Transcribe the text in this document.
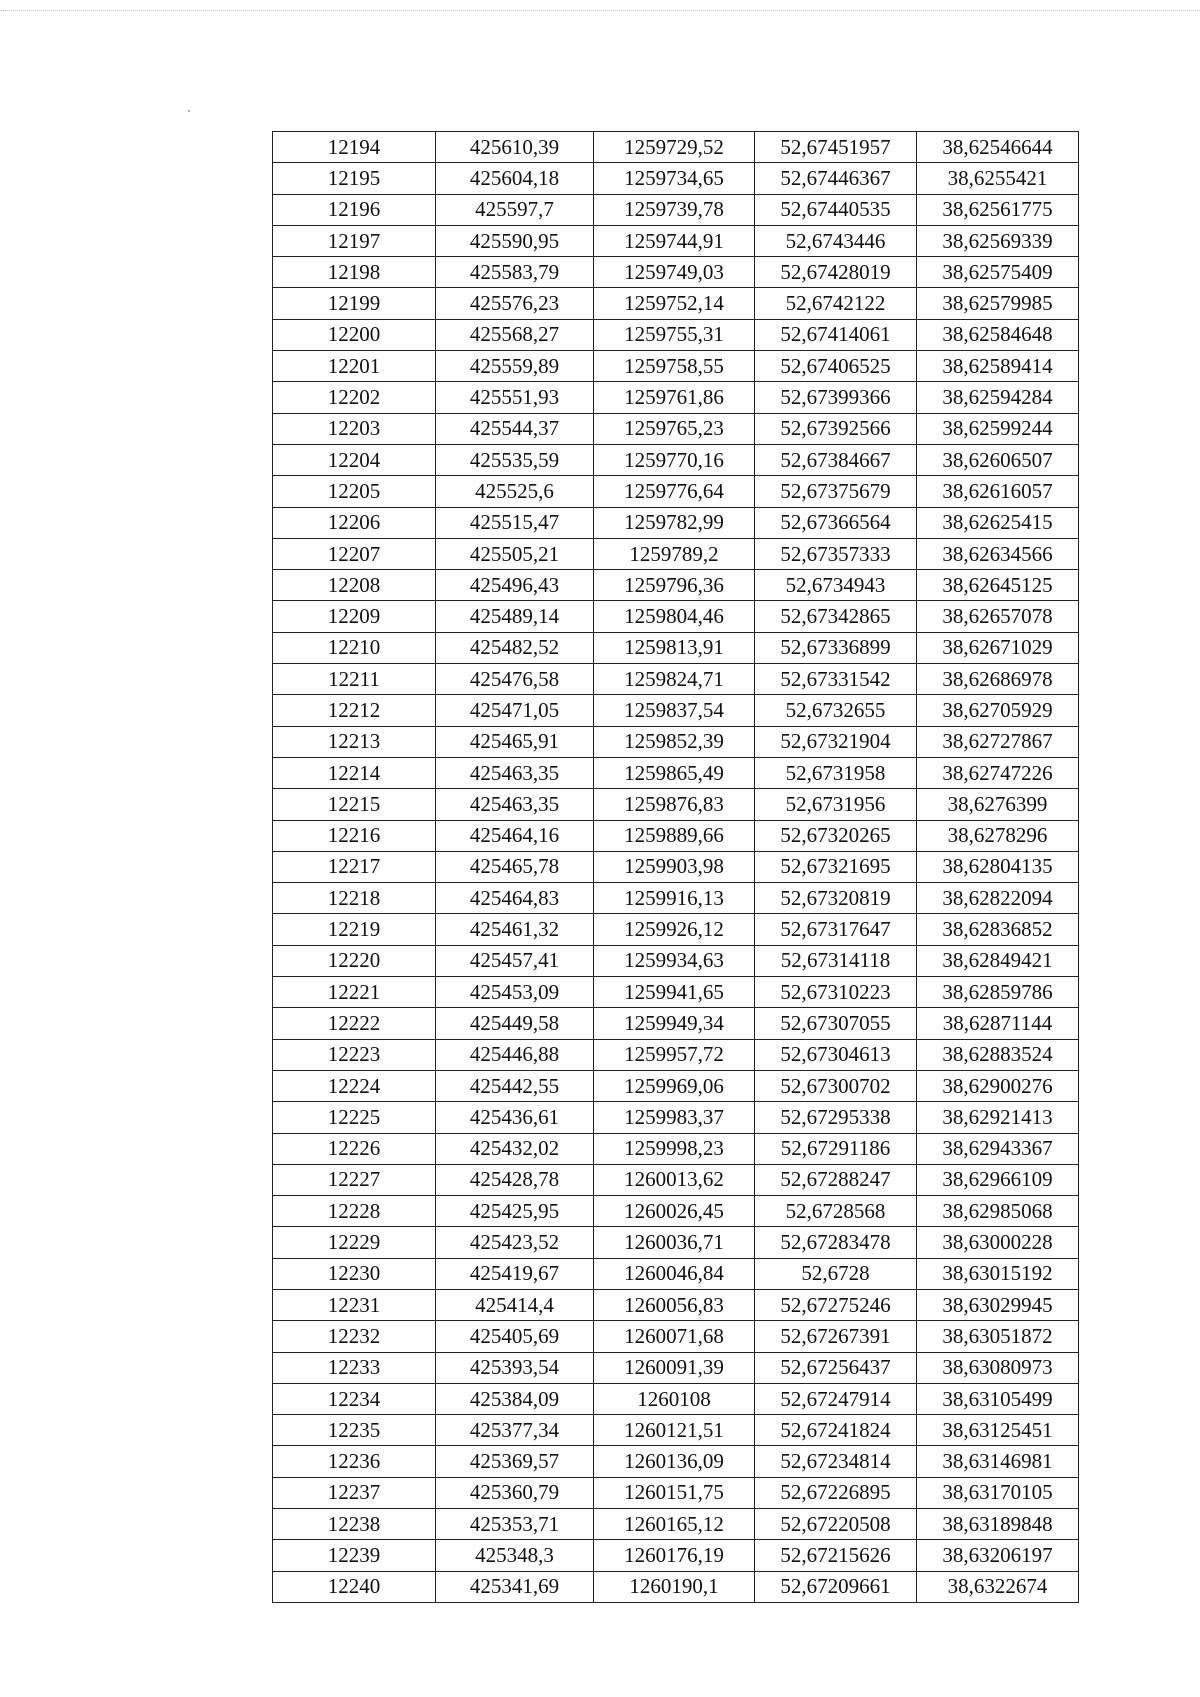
12194	425610,39	1259729,52	52,67451957	38,62546644
12195	425604,18	1259734,65	52,67446367	38,6255421
12196	425597,7	1259739,78	52,67440535	38,62561775
12197	425590,95	1259744,91	52,6743446	38,62569339
12198	425583,79	1259749,03	52,67428019	38,62575409
12199	425576,23	1259752,14	52,6742122	38,62579985
12200	425568,27	1259755,31	52,67414061	38,62584648
12201	425559,89	1259758,55	52,67406525	38,62589414
12202	425551,93	1259761,86	52,67399366	38,62594284
12203	425544,37	1259765,23	52,67392566	38,62599244
12204	425535,59	1259770,16	52,67384667	38,62606507
12205	425525,6	1259776,64	52,67375679	38,62616057
12206	425515,47	1259782,99	52,67366564	38,62625415
12207	425505,21	1259789,2	52,67357333	38,62634566
12208	425496,43	1259796,36	52,6734943	38,62645125
12209	425489,14	1259804,46	52,67342865	38,62657078
12210	425482,52	1259813,91	52,67336899	38,62671029
12211	425476,58	1259824,71	52,67331542	38,62686978
12212	425471,05	1259837,54	52,6732655	38,62705929
12213	425465,91	1259852,39	52,67321904	38,62727867
12214	425463,35	1259865,49	52,6731958	38,62747226
12215	425463,35	1259876,83	52,6731956	38,6276399
12216	425464,16	1259889,66	52,67320265	38,6278296
12217	425465,78	1259903,98	52,67321695	38,62804135
12218	425464,83	1259916,13	52,67320819	38,62822094
12219	425461,32	1259926,12	52,67317647	38,62836852
12220	425457,41	1259934,63	52,67314118	38,62849421
12221	425453,09	1259941,65	52,67310223	38,62859786
12222	425449,58	1259949,34	52,67307055	38,62871144
12223	425446,88	1259957,72	52,67304613	38,62883524
12224	425442,55	1259969,06	52,67300702	38,62900276
12225	425436,61	1259983,37	52,67295338	38,62921413
12226	425432,02	1259998,23	52,67291186	38,62943367
12227	425428,78	1260013,62	52,67288247	38,62966109
12228	425425,95	1260026,45	52,6728568	38,62985068
12229	425423,52	1260036,71	52,67283478	38,63000228
12230	425419,67	1260046,84	52,6728	38,63015192
12231	425414,4	1260056,83	52,67275246	38,63029945
12232	425405,69	1260071,68	52,67267391	38,63051872
12233	425393,54	1260091,39	52,67256437	38,63080973
12234	425384,09	1260108	52,67247914	38,63105499
12235	425377,34	1260121,51	52,67241824	38,63125451
12236	425369,57	1260136,09	52,67234814	38,63146981
12237	425360,79	1260151,75	52,67226895	38,63170105
12238	425353,71	1260165,12	52,67220508	38,63189848
12239	425348,3	1260176,19	52,67215626	38,63206197
12240	425341,69	1260190,1	52,67209661	38,6322674
